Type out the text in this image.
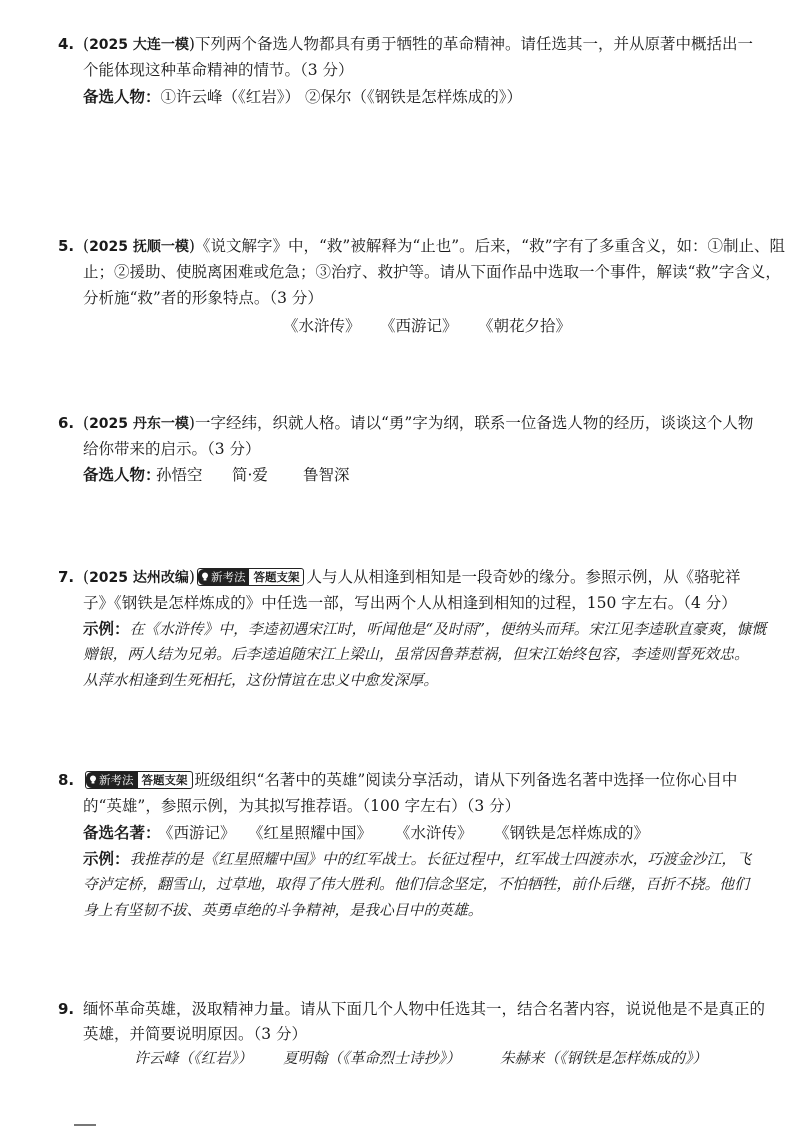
4. (2025 大连一模)下列两个备选人物都具有勇于牺牲的革命精神。请任选其一，并从原著中概括出一
个能体现这种革命精神的情节。（3 分）
备选人物：①许云峰（《红岩》） ②保尔（《钢铁是怎样炼成的》）
5. (2025 抚顺一模)《说文解字》中，“救”被解释为“止也”。后来，“救”字有了多重含义，如：①制止、阻
止；②援助、使脱离困难或危急；③治疗、救护等。请从下面作品中选取一个事件，解读“救”字含义，
分析施“救”者的形象特点。（3 分）
《水浒传》 《西游记》 《朝花夕拾》
6. (2025 丹东一模)一字经纬，织就人格。请以“勇”字为纲，联系一位备选人物的经历，谈谈这个人物
给你带来的启示。（3 分）
备选人物：
孙悟空 简·爱 鲁智深
7. (2025 达州改编) 新考法 答题支架 人与人从相逢到相知是一段奇妙的缘分。参照示例，从《骆驼祥
子》《钢铁是怎样炼成的》中任选一部，写出两个人从相逢到相知的过程，150 字左右。（4 分）
示例：在《水浒传》中，李逵初遇宋江时，听闻他是“及时雨”，便纳头而拜。宋江见李逵耿直豪爽，慷慨
赠银，两人结为兄弟。后李逵追随宋江上梁山，虽常因鲁莽惹祸，但宋江始终包容，李逵则誓死效忠。
从萍水相逢到生死相托，这份情谊在忠义中愈发深厚。
8. 新考法 答题支架 班级组织“名著中的英雄”阅读分享活动，请从下列备选名著中选择一位你心目中
的“英雄”，参照示例，为其拟写推荐语。（100 字左右）（3 分）
备选名著：
《西游记》 《红星照耀中国》 《水浒传》 《钢铁是怎样炼成的》
示例：我推荐的是《红星照耀中国》中的红军战士。长征过程中，红军战士四渡赤水，巧渡金沙江，飞
夺泸定桥，翻雪山，过草地，取得了伟大胜利。他们信念坚定，不怕牺牲，前仆后继，百折不挠。他们
身上有坚韧不拔、英勇卓绝的斗争精神，是我心目中的英雄。
9. 缅怀革命英雄，汲取精神力量。请从下面几个人物中任选其一，结合名著内容，说说他是不是真正的
英雄，并简要说明原因。（3 分）
许云峰（《红岩》） 夏明翰（《革命烈士诗抄》）	朱赫来（《钢铁是怎样炼成的》）
